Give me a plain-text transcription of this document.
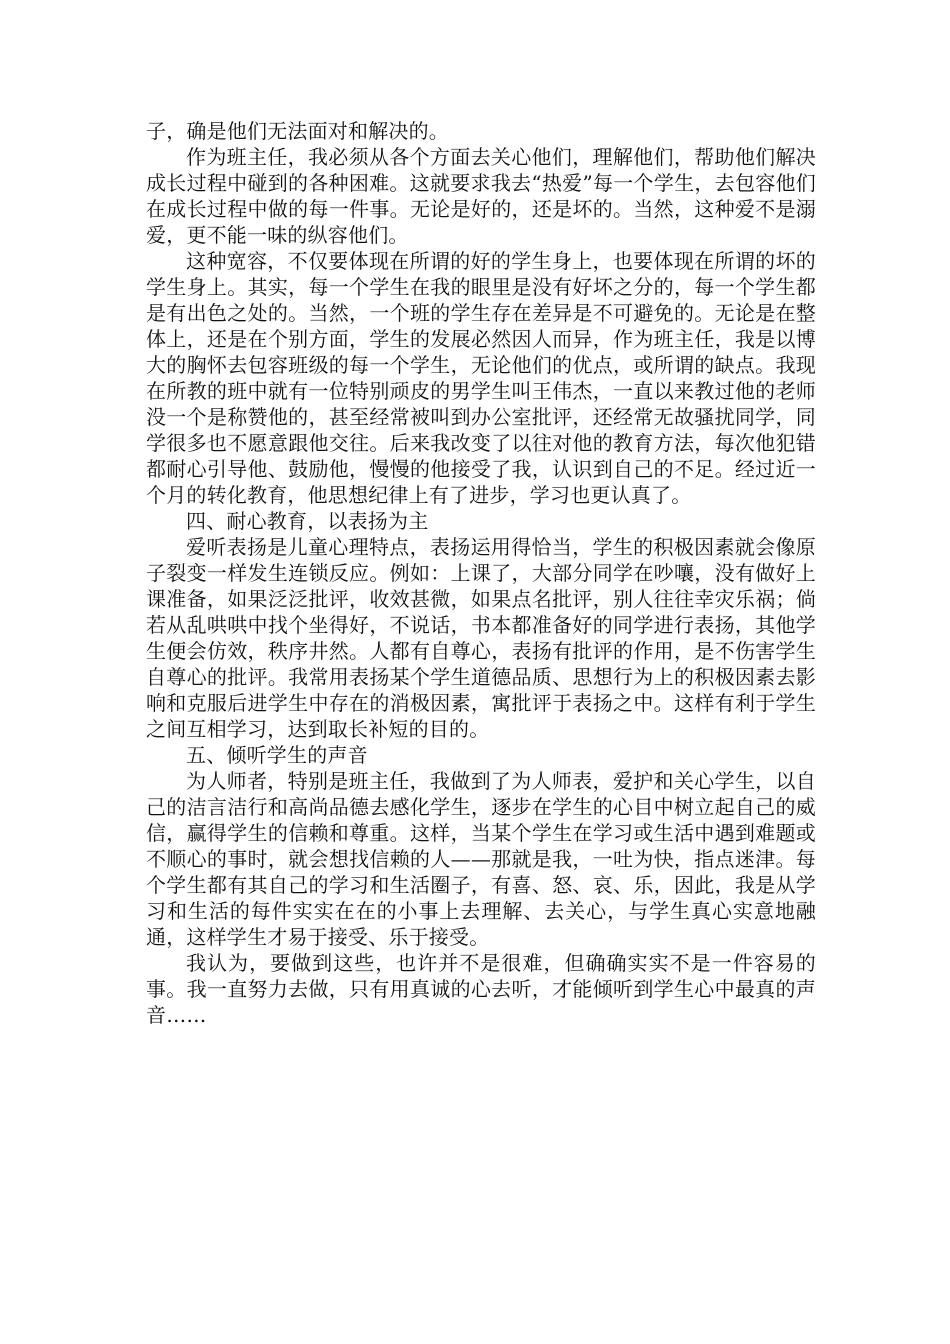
子，确是他们无法面对和解决的。

作为班主任，我必须从各个方面去关心他们，理解他们，帮助他们解决成长过程中碰到的各种困难。这就要求我去“热爱”每一个学生，去包容他们在成长过程中做的每一件事。无论是好的，还是坏的。当然，这种爱不是溺爱，更不能一味的纵容他们。

这种宽容，不仅要体现在所谓的好的学生身上，也要体现在所谓的坏的学生身上。其实，每一个学生在我的眼里是没有好坏之分的，每一个学生都是有出色之处的。当然，一个班的学生存在差异是不可避免的。无论是在整体上，还是在个别方面，学生的发展必然因人而异，作为班主任，我是以博大的胸怀去包容班级的每一个学生，无论他们的优点，或所谓的缺点。我现在所教的班中就有一位特别顽皮的男学生叫王伟杰，一直以来教过他的老师没一个是称赞他的，甚至经常被叫到办公室批评，还经常无故骚扰同学，同学很多也不愿意跟他交往。后来我改变了以往对他的教育方法，每次他犯错都耐心引导他、鼓励他，慢慢的他接受了我，认识到自己的不足。经过近一个月的转化教育，他思想纪律上有了进步，学习也更认真了。

四、耐心教育，以表扬为主

爱听表扬是儿童心理特点，表扬运用得恰当，学生的积极因素就会像原子裂变一样发生连锁反应。例如：上课了，大部分同学在吵嚷，没有做好上课准备，如果泛泛批评，收效甚微，如果点名批评，别人往往幸灾乐祸；倘若从乱哄哄中找个坐得好，不说话，书本都准备好的同学进行表扬，其他学生便会仿效，秩序井然。人都有自尊心，表扬有批评的作用，是不伤害学生自尊心的批评。我常用表扬某个学生道德品质、思想行为上的积极因素去影响和克服后进学生中存在的消极因素，寓批评于表扬之中。这样有利于学生之间互相学习，达到取长补短的目的。

五、倾听学生的声音

为人师者，特别是班主任，我做到了为人师表，爱护和关心学生，以自己的洁言洁行和高尚品德去感化学生，逐步在学生的心目中树立起自己的威信，赢得学生的信赖和尊重。这样，当某个学生在学习或生活中遇到难题或不顺心的事时，就会想找信赖的人——那就是我，一吐为快，指点迷津。每个学生都有其自己的学习和生活圈子，有喜、怒、哀、乐，因此，我是从学习和生活的每件实实在在的小事上去理解、去关心，与学生真心实意地融通，这样学生才易于接受、乐于接受。

我认为，要做到这些，也许并不是很难，但确确实实不是一件容易的事。我一直努力去做，只有用真诚的心去听，才能倾听到学生心中最真的声音……
